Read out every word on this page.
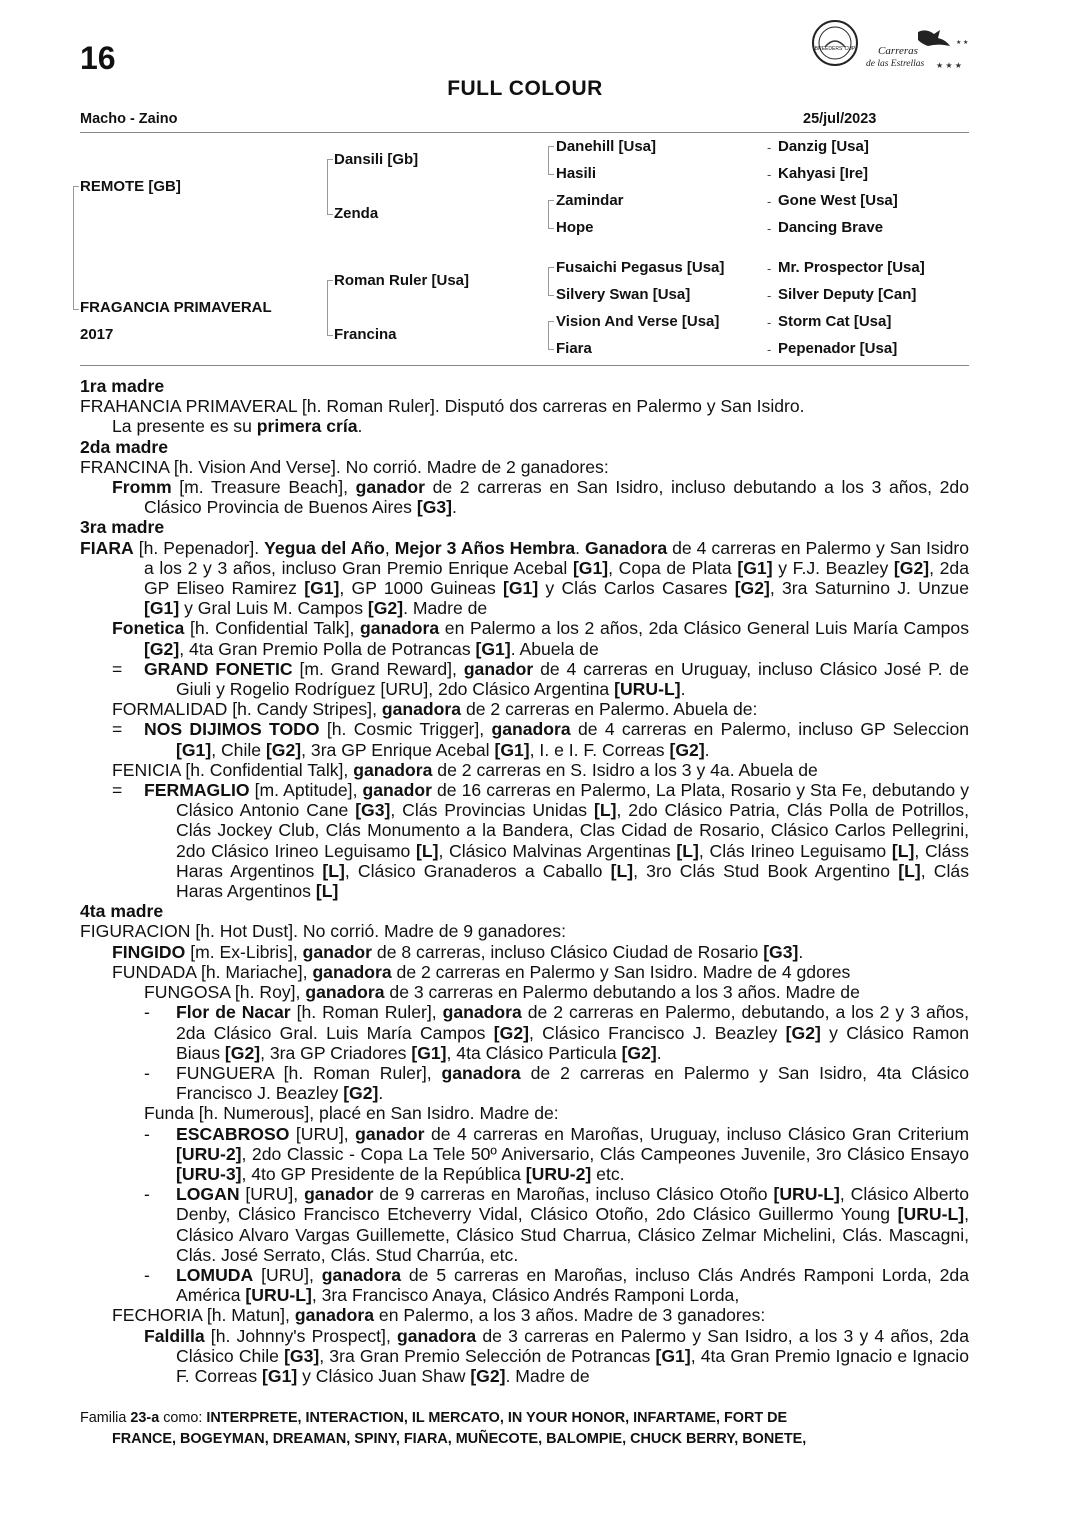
16	BREEDERS' CUP Carreras
de las Estrellas ★ ★ ★
★ ★
FULL COLOUR
Macho - Zaino	25/jul/2023
REMOTE [GB]
FRAGANCIA PRIMAVERAL
2017
Dansili [Gb]
Zenda
Roman Ruler [Usa]
Francina
Danehill [Usa]
Hasili
Zamindar
Hope
Fusaichi Pegasus [Usa]
Silvery Swan [Usa]
Vision And Verse [Usa]
Fiara
- Danzig [Usa]
- Kahyasi [Ire]
- Gone West [Usa]
- Dancing Brave
- Mr. Prospector [Usa]
- Silver Deputy [Can]
- Storm Cat [Usa]
- Pepenador [Usa]
1ra madre
FRAHANCIA PRIMAVERAL [h. Roman Ruler]. Disputó dos carreras en Palermo y San Isidro.
La presente es su primera cría.
2da madre
FRANCINA [h. Vision And Verse]. No corrió. Madre de 2 ganadores:
Fromm [m. Treasure Beach], ganador de 2 carreras en San Isidro, incluso debutando a los 3 años, 2do Clásico Provincia de Buenos Aires [G3].
3ra madre
FIARA [h. Pepenador]. Yegua del Año, Mejor 3 Años Hembra. Ganadora de 4 carreras en Palermo y San Isidro a los 2 y 3 años, incluso Gran Premio Enrique Acebal [G1], Copa de Plata [G1] y F.J. Beazley [G2], 2da GP Eliseo Ramirez [G1], GP 1000 Guineas [G1] y Clás Carlos Casares [G2], 3ra Saturnino J. Unzue [G1] y Gral Luis M. Campos [G2]. Madre de
Fonetica [h. Confidential Talk], ganadora en Palermo a los 2 años, 2da Clásico General Luis María Campos [G2], 4ta Gran Premio Polla de Potrancas [G1]. Abuela de
= GRAND FONETIC [m. Grand Reward], ganador de 4 carreras en Uruguay, incluso Clásico José P. de Giuli y Rogelio Rodríguez [URU], 2do Clásico Argentina [URU-L].
FORMALIDAD [h. Candy Stripes], ganadora de 2 carreras en Palermo. Abuela de:
= NOS DIJIMOS TODO [h. Cosmic Trigger], ganadora de 4 carreras en Palermo, incluso GP Seleccion [G1], Chile [G2], 3ra GP Enrique Acebal [G1], I. e I. F. Correas [G2].
FENICIA [h. Confidential Talk], ganadora de 2 carreras en S. Isidro a los 3 y 4a. Abuela de
= FERMAGLIO [m. Aptitude], ganador de 16 carreras en Palermo, La Plata, Rosario y Sta Fe, debutando y Clásico Antonio Cane [G3], Clás Provincias Unidas [L], 2do Clásico Patria, Clás Polla de Potrillos, Clás Jockey Club, Clás Monumento a la Bandera, Clas Cidad de Rosario, Clásico Carlos Pellegrini, 2do Clásico Irineo Leguisamo [L], Clásico Malvinas Argentinas [L], Clás Irineo Leguisamo [L], Cláss Haras Argentinos [L], Clásico Granaderos a Caballo [L], 3ro Clás Stud Book Argentino [L], Clás Haras Argentinos [L]
4ta madre
FIGURACION [h. Hot Dust]. No corrió. Madre de 9 ganadores:
FINGIDO [m. Ex-Libris], ganador de 8 carreras, incluso Clásico Ciudad de Rosario [G3].
FUNDADA [h. Mariache], ganadora de 2 carreras en Palermo y San Isidro. Madre de 4 gdores
FUNGOSA [h. Roy], ganadora de 3 carreras en Palermo debutando a los 3 años. Madre de
- Flor de Nacar [h. Roman Ruler], ganadora de 2 carreras en Palermo, debutando, a los 2 y 3 años, 2da Clásico Gral. Luis María Campos [G2], Clásico Francisco J. Beazley [G2] y Clásico Ramon Biaus [G2], 3ra GP Criadores [G1], 4ta Clásico Particula [G2].
- FUNGUERA [h. Roman Ruler], ganadora de 2 carreras en Palermo y San Isidro, 4ta Clásico Francisco J. Beazley [G2].
Funda [h. Numerous], placé en San Isidro. Madre de:
- ESCABROSO [URU], ganador de 4 carreras en Maroñas, Uruguay, incluso Clásico Gran Criterium [URU-2], 2do Classic - Copa La Tele 50º Aniversario, Clás Campeones Juvenile, 3ro Clásico Ensayo [URU-3], 4to GP Presidente de la República [URU-2] etc.
- LOGAN [URU], ganador de 9 carreras en Maroñas, incluso Clásico Otoño [URU-L], Clásico Alberto Denby, Clásico Francisco Etcheverry Vidal, Clásico Otoño, 2do Clásico Guillermo Young [URU-L], Clásico Alvaro Vargas Guillemette, Clásico Stud Charrua, Clásico Zelmar Michelini, Clás. Mascagni, Clás. José Serrato, Clás. Stud Charrúa, etc.
- LOMUDA [URU], ganadora de 5 carreras en Maroñas, incluso Clás Andrés Ramponi Lorda, 2da América [URU-L], 3ra Francisco Anaya, Clásico Andrés Ramponi Lorda,
FECHORIA [h. Matun], ganadora en Palermo, a los 3 años. Madre de 3 ganadores:
Faldilla [h. Johnny's Prospect], ganadora de 3 carreras en Palermo y San Isidro, a los 3 y 4 años, 2da Clásico Chile [G3], 3ra Gran Premio Selección de Potrancas [G1], 4ta Gran Premio Ignacio e Ignacio F. Correas [G1] y Clásico Juan Shaw [G2]. Madre de
Familia 23-a como: INTERPRETE, INTERACTION, IL MERCATO, IN YOUR HONOR, INFARTAME, FORT DE
FRANCE, BOGEYMAN, DREAMAN, SPINY, FIARA, MUÑECOTE, BALOMPIE, CHUCK BERRY, BONETE,
